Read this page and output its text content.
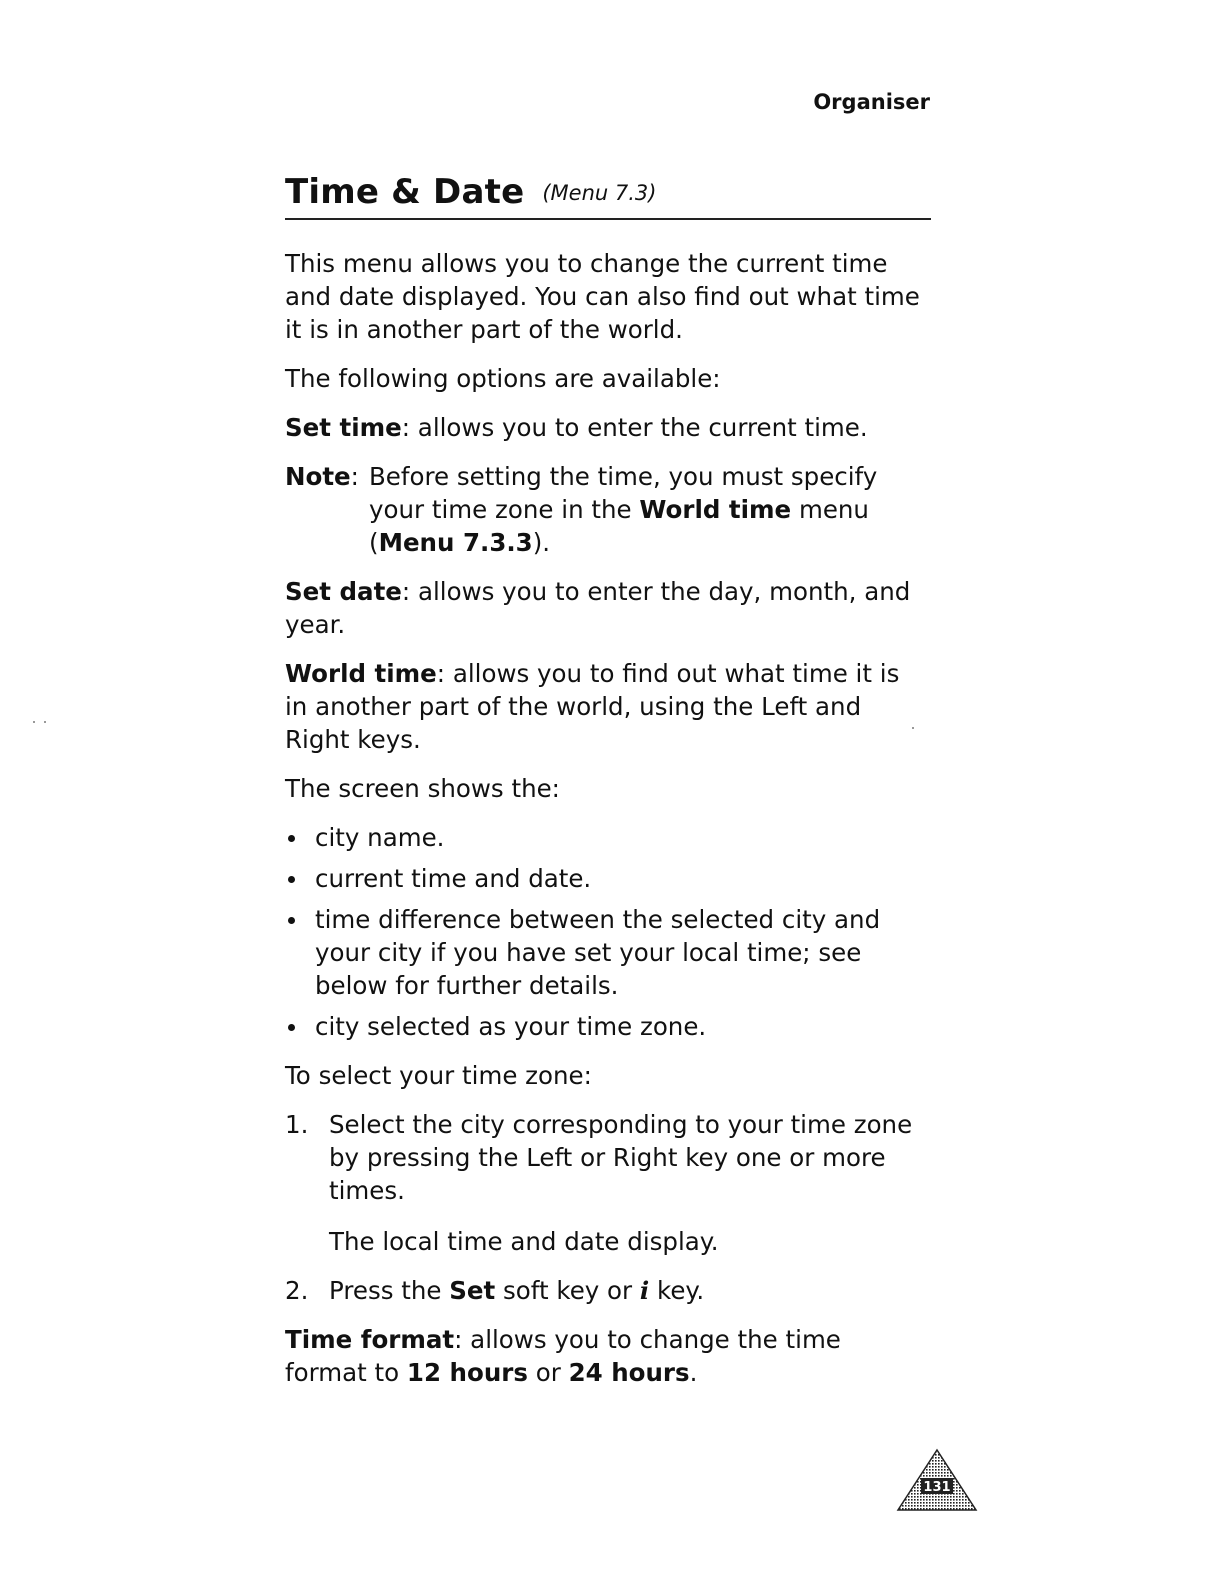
Organiser
Time & Date (Menu 7.3)

This menu allows you to change the current time and date displayed. You can also find out what time it is in another part of the world.

The following options are available:

Set time: allows you to enter the current time.

Note: Before setting the time, you must specify your time zone in the World time menu (Menu 7.3.3).

Set date: allows you to enter the day, month, and year.

World time: allows you to find out what time it is in another part of the world, using the Left and Right keys.

The screen shows the:

city name.
current time and date.
time difference between the selected city and your city if you have set your local time; see below for further details.
city selected as your time zone.

To select your time zone:

1. Select the city corresponding to your time zone by pressing the Left or Right key one or more times.

The local time and date display.

2. Press the Set soft key or i key.

Time format: allows you to change the time format to 12 hours or 24 hours.

131
